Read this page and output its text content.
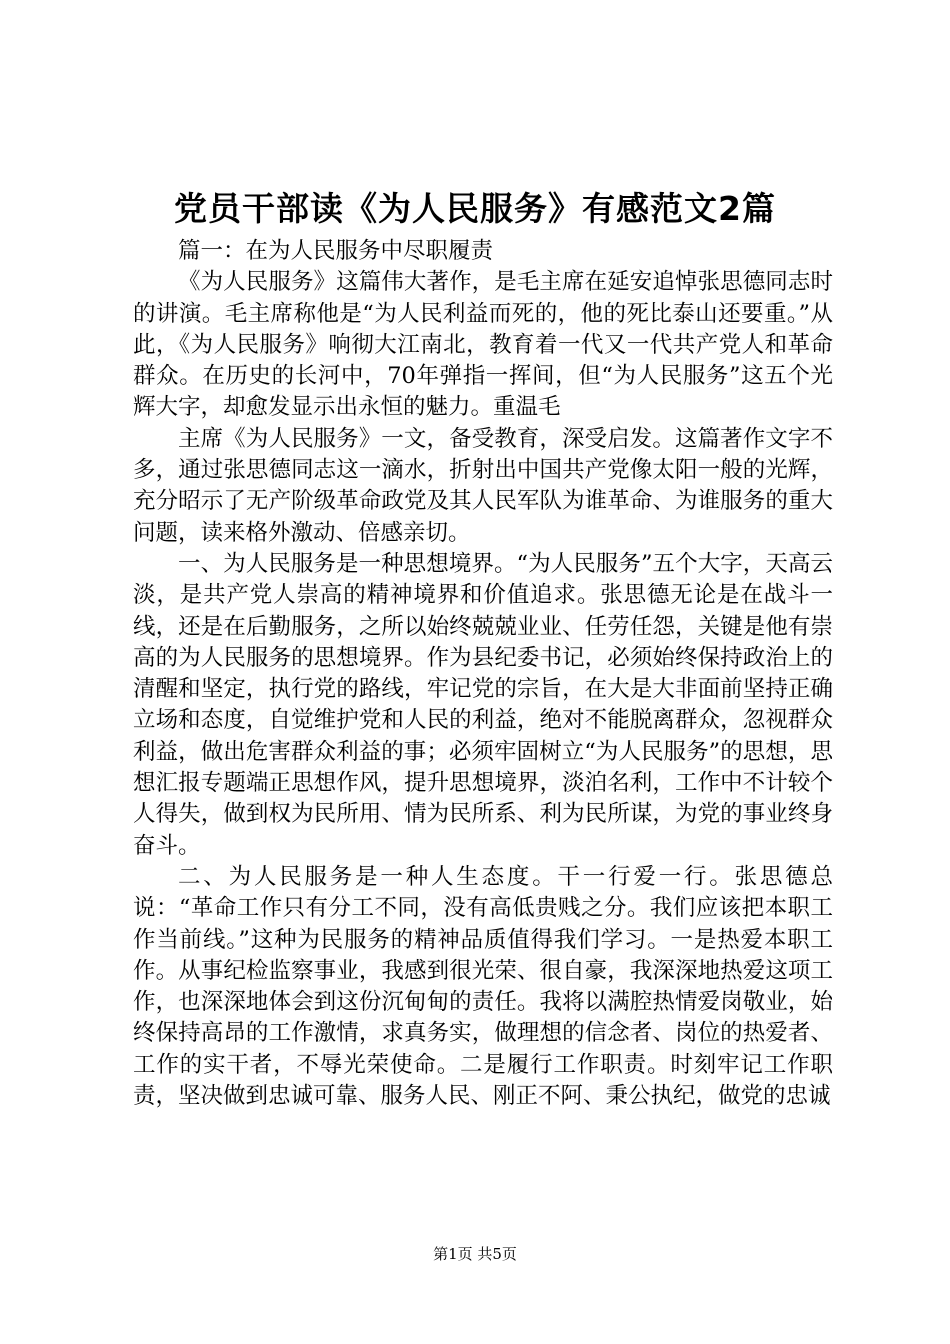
党员干部读《为人民服务》有感范文2篇

篇一：在为人民服务中尽职履责

《为人民服务》这篇伟大著作，是毛主席在延安追悼张思德同志时的讲演。毛主席称他是“为人民利益而死的，他的死比泰山还要重。”从此，《为人民服务》响彻大江南北，教育着一代又一代共产党人和革命群众。在历史的长河中，70年弹指一挥间，但“为人民服务”这五个光辉大字，却愈发显示出永恒的魅力。重温毛

主席《为人民服务》一文，备受教育，深受启发。这篇著作文字不多，通过张思德同志这一滴水，折射出中国共产党像太阳一般的光辉，充分昭示了无产阶级革命政党及其人民军队为谁革命、为谁服务的重大问题，读来格外激动、倍感亲切。

一、为人民服务是一种思想境界。“为人民服务”五个大字，天高云淡，是共产党人崇高的精神境界和价值追求。张思德无论是在战斗一线，还是在后勤服务，之所以始终兢兢业业、任劳任怨，关键是他有崇高的为人民服务的思想境界。作为县纪委书记，必须始终保持政治上的清醒和坚定，执行党的路线，牢记党的宗旨，在大是大非面前坚持正确立场和态度，自觉维护党和人民的利益，绝对不能脱离群众，忽视群众利益，做出危害群众利益的事；必须牢固树立“为人民服务”的思想，思想汇报专题端正思想作风，提升思想境界，淡泊名利，工作中不计较个人得失，做到权为民所用、情为民所系、利为民所谋，为党的事业终身奋斗。

二、为人民服务是一种人生态度。干一行爱一行。张思德总说：“革命工作只有分工不同，没有高低贵贱之分。我们应该把本职工作当前线。”这种为民服务的精神品质值得我们学习。一是热爱本职工作。从事纪检监察事业，我感到很光荣、很自豪，我深深地热爱这项工作，也深深地体会到这份沉甸甸的责任。我将以满腔热情爱岗敬业，始终保持高昂的工作激情，求真务实，做理想的信念者、岗位的热爱者、工作的实干者，不辱光荣使命。二是履行工作职责。时刻牢记工作职责，坚决做到忠诚可靠、服务人民、刚正不阿、秉公执纪，做党的忠诚

第1页 共5页
